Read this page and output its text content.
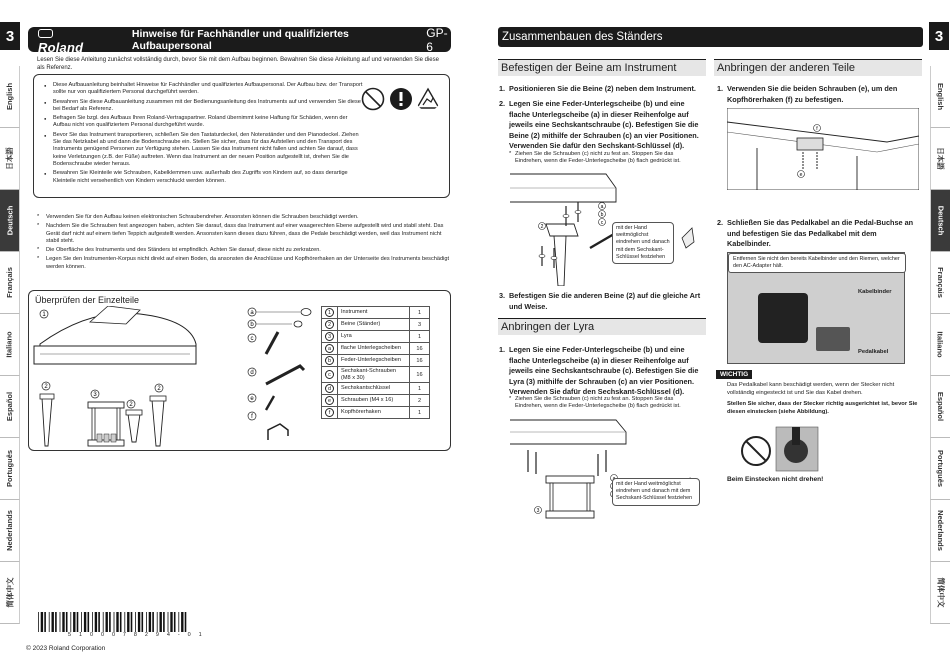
3
English
日本語
Deutsch
Français
Italiano
Español
Português
Nederlands
简体中文
Roland
Hinweise für Fachhändler und qualifiziertes Aufbaupersonal
GP-6
Lesen Sie diese Anleitung zunächst vollständig durch, bevor Sie mit dem Aufbau beginnen. Bewahren Sie diese Anleitung auf und verwenden Sie diese als Referenz.
● Diese Aufbauanleitung beinhaltet Hinweise für Fachhändler und qualifiziertes Aufbaupersonal. Der Aufbau bzw. der Transport sollte nur von qualifiziertem Personal durchgeführt werden.
● Bewahren Sie diese Aufbauanleitung zusammen mit der Bedienungsanleitung des Instruments auf und verwenden Sie diese bei Bedarf als Referenz.
● Befragen Sie bzgl. des Aufbaus Ihren Roland-Vertragspartner. Roland übernimmt keine Haftung für Schäden, wenn der Aufbau nicht von qualifiziertem Personal durchgeführt wurde.
● Bevor Sie das Instrument transportieren, schließen Sie den Tastaturdeckel, den Notenständer und den Pianodeckel. Ziehen Sie das Netzkabel ab und dann die Bodenschraube ein. Stellen Sie sicher, dass für das Aufstellen und den Transport des Instruments genügend Personen zur Verfügung stehen. Lassen Sie das Instrument nicht fallen und achten Sie darauf, dass keine Verletzungen (z.B. der Füße) auftreten. Wenn das Instrument an der neuen Position aufgestellt ist, drehen Sie die Bodenschraube wieder heraus.
● Bewahren Sie Kleinteile wie Schrauben, Kabelklemmen usw. außerhalb des Zugriffs von Kindern auf, so dass derartige Kleinteile nicht versehentlich von Kindern verschluckt werden können.
* Verwenden Sie für den Aufbau keinen elektronischen Schraubendreher. Ansonsten können die Schrauben beschädigt werden.
* Nachdem Sie die Schrauben fest angezogen haben, achten Sie darauf, dass das Instrument auf einer waagerechten Ebene aufgestellt wird und stabil steht. Das Gerät darf nicht auf einem tiefen Teppich aufgestellt werden. Ansonsten kann dieses dazu führen, dass die Pedale beschädigt werden, weil das Instrument nicht stabil steht.
* Die Oberfläche des Instruments und des Ständers ist empfindlich. Achten Sie darauf, diese nicht zu zerkratzen.
* Legen Sie den Instrumenten-Korpus nicht direkt auf einen Boden, da ansonsten die Anschlüsse und Kopfhörerhaken an der Unterseite des Instruments beschädigt werden können.
Überprüfen der Einzelteile
1
2
3
2
2
a
b
c
d
e
f
1	Instrument	1
2	Beine (Ständer)	3
3	Lyra	1
a	flache Unterlegscheiben	16
b	Feder-Unterlegscheiben	16
c	Sechskant-Schrauben (M8 x 30)	16
d	Sechskantschlüssel	1
e	Schrauben (M4 x 16)	2
f	Kopfhörerhaken	1
5 1 0 0 0 7 8 2 9 4 - 0 1
© 2023 Roland Corporation
3
English
日本語
Deutsch
Français
Italiano
Español
Português
Nederlands
简体中文
Zusammenbauen des Ständers
Befestigen der Beine am Instrument
1. Positionieren Sie die Beine (2) neben dem Instrument.
2. Legen Sie eine Feder-Unterlegscheibe (b) und eine flache Unterlegscheibe (a) in dieser Reihenfolge auf jeweils eine Sechskantschraube (c). Befestigen Sie die Beine (2) mithilfe der Schrauben (c) an vier Positionen. Verwenden Sie dafür den Sechskant-Schlüssel (d).
* Ziehen Sie die Schrauben (c) nicht zu fest an. Stoppen Sie das Eindrehen, wenn die Feder-Unterlegscheibe (b) flach gedrückt ist.
a
b
c
2	mit der Hand weitmöglichst eindrehen und danach mit dem Sechskant-Schlüssel festziehen
3. Befestigen Sie die anderen Beine (2) auf die gleiche Art und Weise.
Anbringen der Lyra
1. Legen Sie eine Feder-Unterlegscheibe (b) und eine flache Unterlegscheibe (a) in dieser Reihenfolge auf jeweils eine Sechskantschraube (c). Befestigen Sie die Lyra (3) mithilfe der Schrauben (c) an vier Positionen. Verwenden Sie dafür den Sechskant-Schlüssel (d).
* Ziehen Sie die Schrauben (c) nicht zu fest an. Stoppen Sie das Eindrehen, wenn die Feder-Unterlegscheibe (b) flach gedrückt ist.
3
mit der Hand weitmöglichst eindrehen und danach mit dem Sechskant-Schlüssel festziehen
Anbringen der anderen Teile
1. Verwenden Sie die beiden Schrauben (e), um den Kopfhörerhaken (f) zu befestigen.
f
e
2. Schließen Sie das Pedalkabel an die Pedal-Buchse an und befestigen Sie das Pedalkabel mit dem Kabelbinder.
Entfernen Sie nicht den bereits Kabelbinder und den Riemen, welcher den AC-Adapter hält.
Kabelbinder
Pedalkabel
WICHTIG
Das Pedalkabel kann beschädigt werden, wenn der Stecker nicht vollständig eingesteckt ist und Sie das Kabel drehen.
Stellen Sie sicher, dass der Stecker richtig ausgerichtet ist, bevor Sie diesen einstecken (siehe Abbildung).
Beim Einstecken nicht drehen!
